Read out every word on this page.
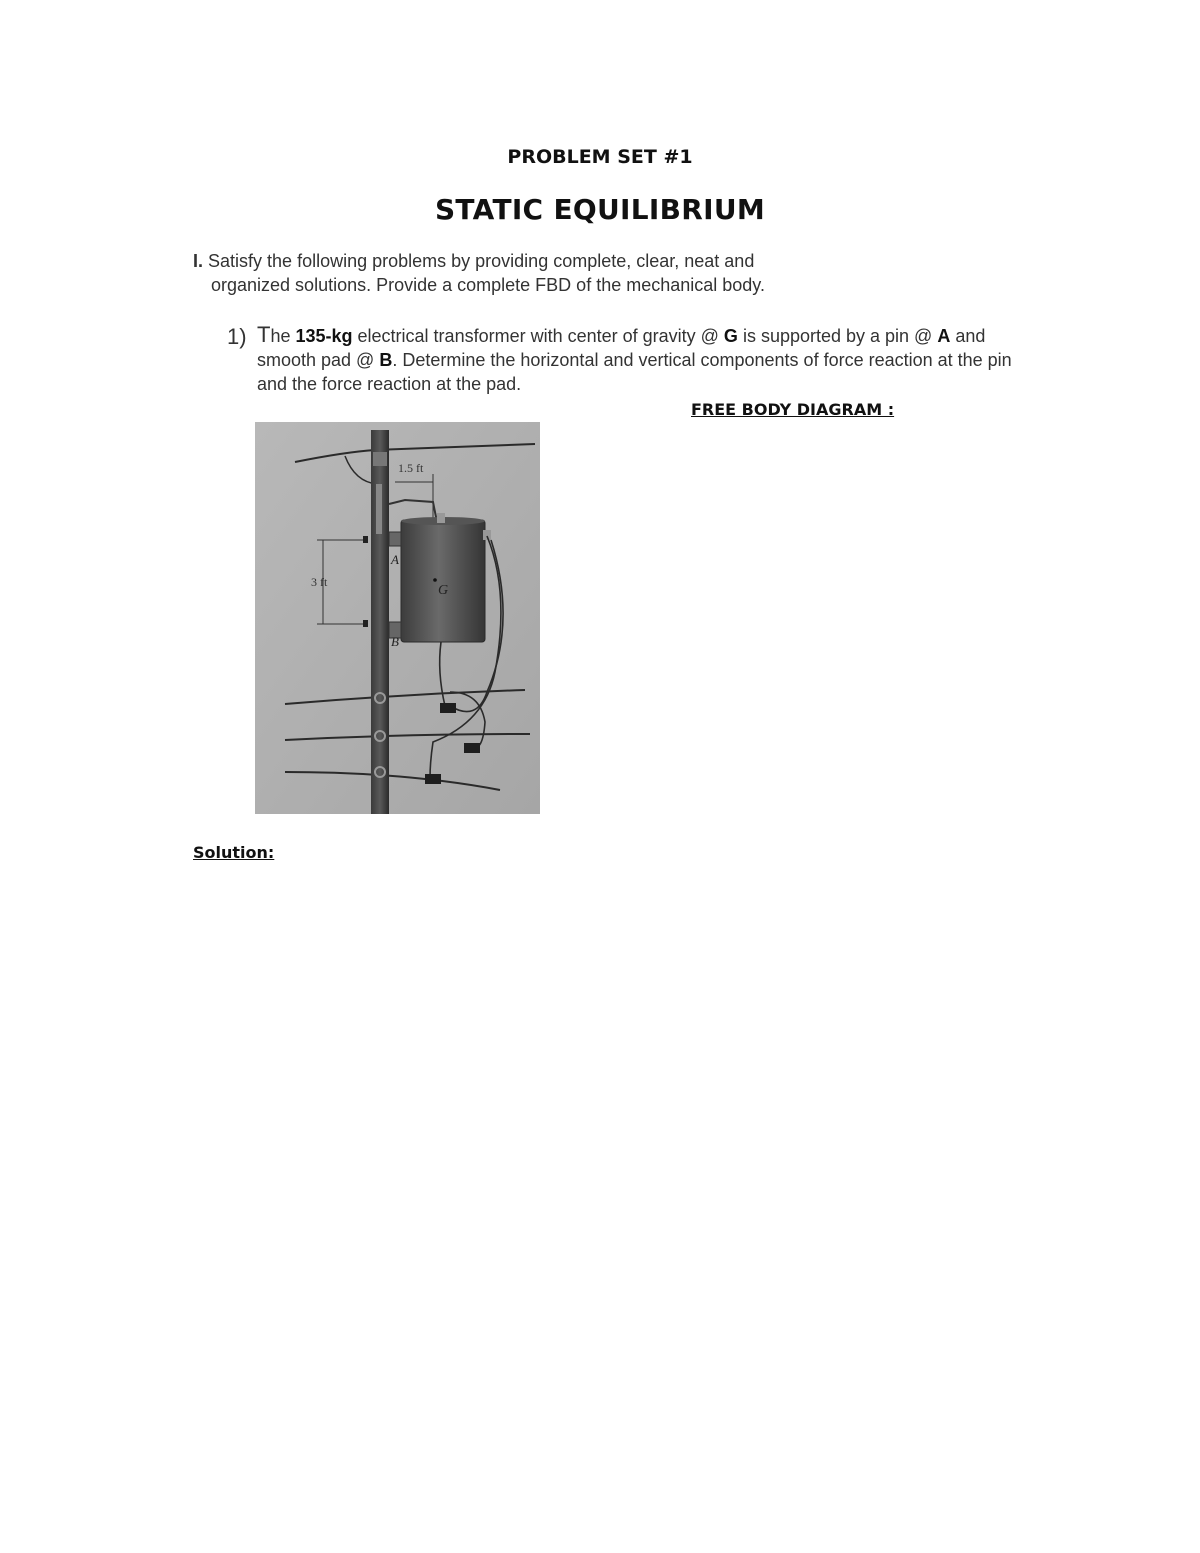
PROBLEM SET #1
STATIC EQUILIBRIUM
I. Satisfy the following problems by providing complete, clear, neat and
organized solutions. Provide a complete FBD of the mechanical body.
1) The 135-kg electrical transformer with center of gravity @ G is supported by a pin @ A and smooth pad @ B. Determine the horizontal and vertical components of force reaction at the pin and the force reaction at the pad.
FREE BODY DIAGRAM :
1.5 ft
3 ft
G
A
B
Solution:
